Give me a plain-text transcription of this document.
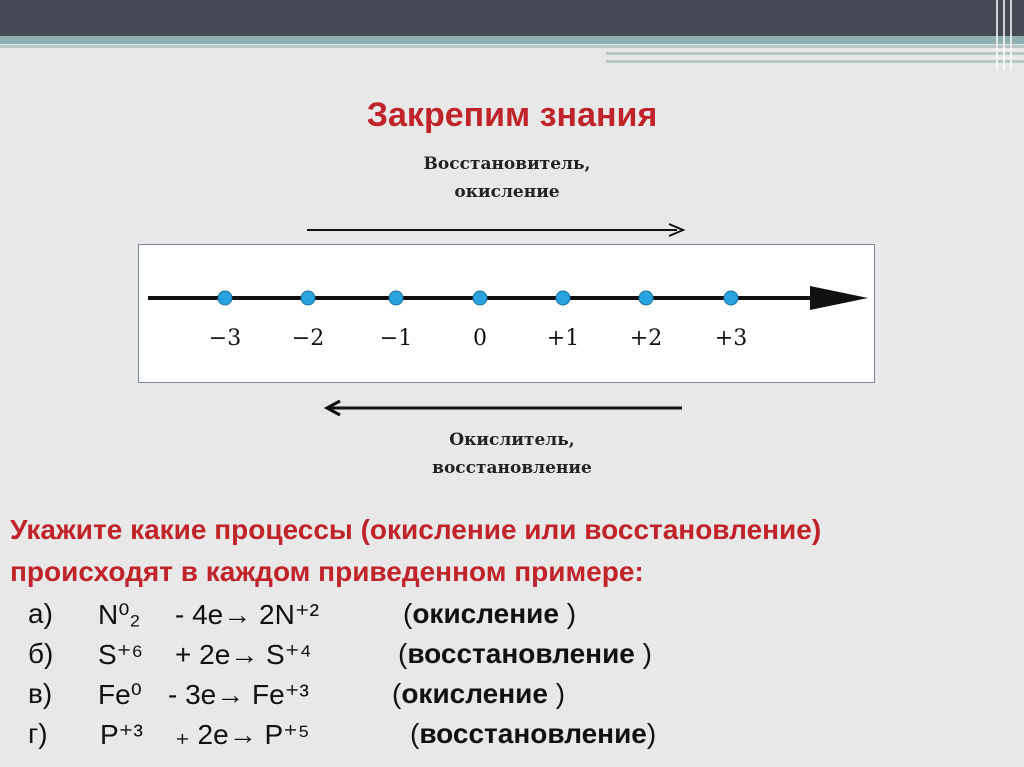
Закрепим знания
Восстановитель,
окисление
−3	−2	−1	0	+1	+2	+3
Окислитель,
восстановление
Укажите какие процессы (окисление или восстановление)
происходят в каждом приведенном примере:
а) N⁰₂ - 4e→ 2N⁺²	(окисление )
б) S⁺⁶ + 2e→ S⁺⁴	(восстановление )
в) Fe⁰ - 3e→ Fe⁺³	(окисление )
г) P⁺³ ₊ 2e→ P⁺⁵	(восстановление)
